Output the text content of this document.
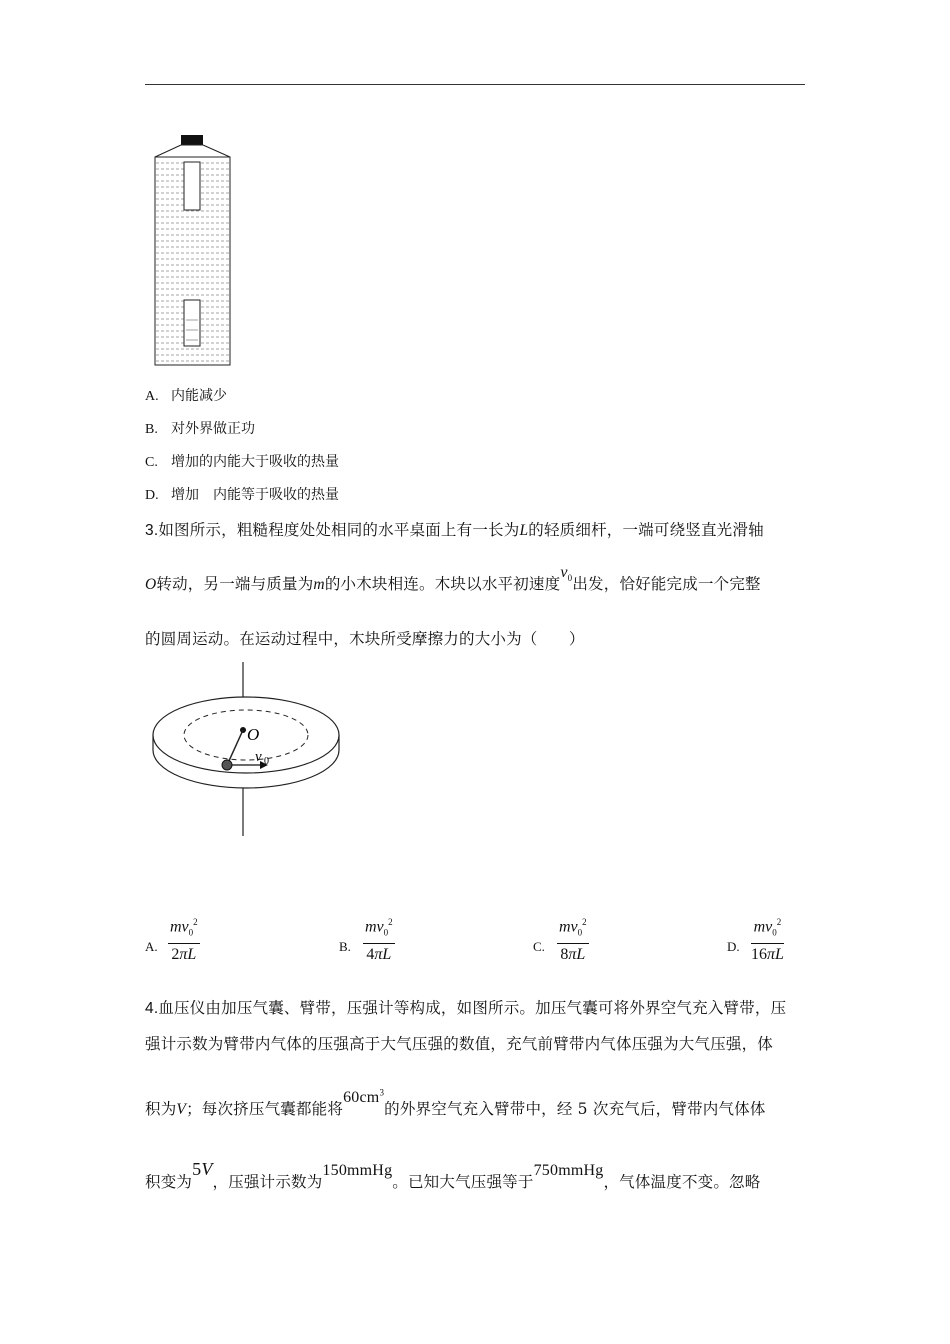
A. 内能减少
B. 对外界做正功
C. 增加的内能大于吸收的热量
D. 增加　内能等于吸收的热量
3.如图所示，粗糙程度处处相同的水平桌面上有一长为L的轻质细杆，一端可绕竖直光滑轴
O转动，另一端与质量为m的小木块相连。木块以水平初速度$v_0$出发，恰好能完成一个完整
的圆周运动。在运动过程中，木块所受摩擦力的大小为（　　）
O
v 0
A. $\frac{mv_0^2}{2\pi L}$	B. $\frac{mv_0^2}{4\pi L}$	C. $\frac{mv_0^2}{8\pi L}$	D. $\frac{mv_0^2}{16\pi L}$
4.血压仪由加压气囊、臂带，压强计等构成，如图所示。加压气囊可将外界空气充入臂带，压
强计示数为臂带内气体的压强高于大气压强的数值，充气前臂带内气体压强为大气压强，体
积为V；每次挤压气囊都能将$60cm^3$的外界空气充入臂带中，经 5 次充气后，臂带内气体体
积变为5V，压强计示数为150mmHg。已知大气压强等于750mmHg，气体温度不变。忽略
